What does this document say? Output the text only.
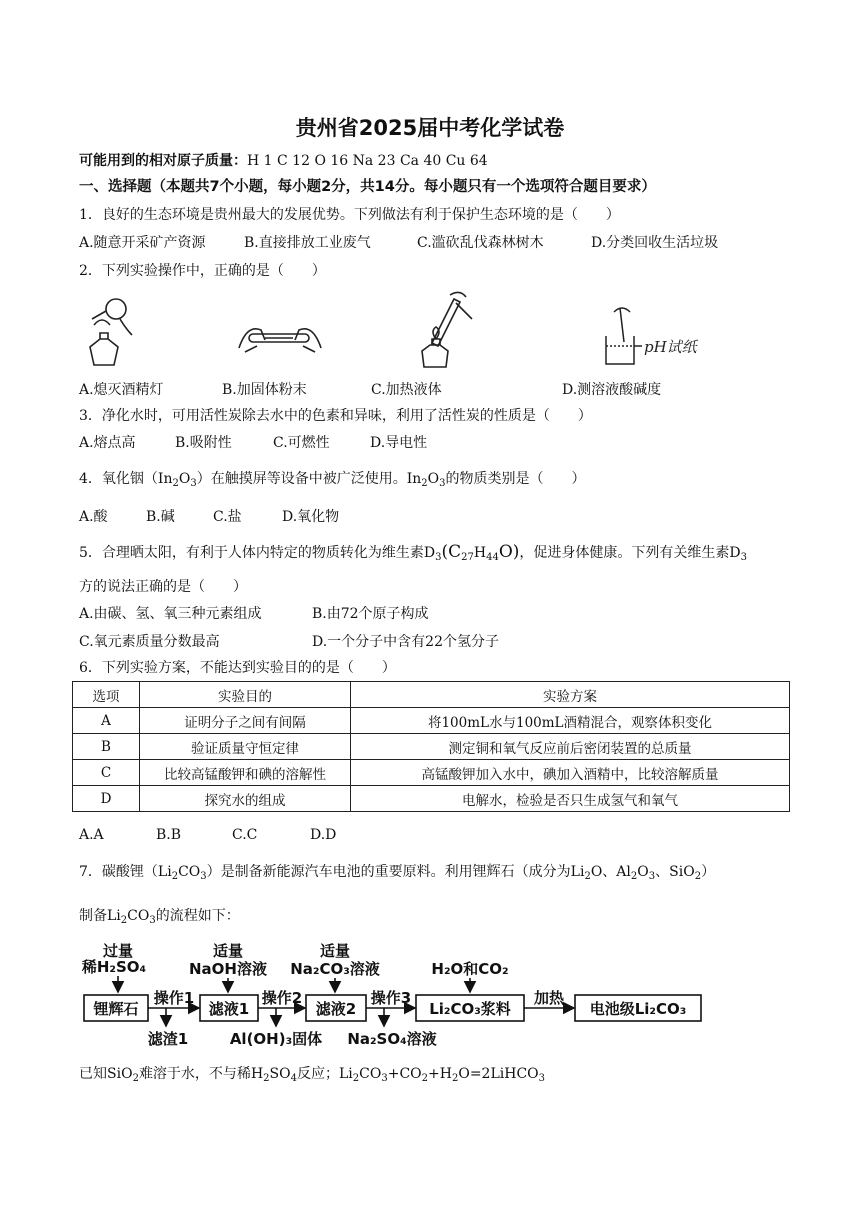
贵州省2025届中考化学试卷
可能用到的相对原子质量：H 1 C 12 O 16 Na 23 Ca 40 Cu 64
一、选择题（本题共7个小题，每小题2分，共14分。每小题只有一个选项符合题目要求）
1．良好的生态环境是贵州最大的发展优势。下列做法有利于保护生态环境的是（　　）
A.随意开采矿产资源	B.直接排放工业废气	C.滥砍乱伐森林树木	D.分类回收生活垃圾
2．下列实验操作中，正确的是（　　）
pH试纸
A.熄灭酒精灯	B.加固体粉末	C.加热液体	D.测溶液酸碱度
3．净化水时，可用活性炭除去水中的色素和异味，利用了活性炭的性质是（　　）
A.熔点高	B.吸附性	C.可燃性	D.导电性
4．氧化铟$(In_2O_3)$在触摸屏等设备中被广泛使用。$In_2O_3$的物质类别是（　　）
A.酸	B.碱	C.盐	D.氧化物
5．合理晒太阳，有利于人体内特定的物质转化为维生素$D_3(C_{27}H_{44}O)$，促进身体健康。下列有关维生素$D_3$
方的说法正确的是（　　）
A.由碳、氢、氧三种元素组成	B.由72个原子构成
C.氧元素质量分数最高	D.一个分子中含有22个氢分子
6．下列实验方案，不能达到实验目的的是（　　）
选项	实验目的	实验方案
A	证明分子之间有间隔	将100mL水与100mL酒精混合，观察体积变化
B	验证质量守恒定律	测定铜和氧气反应前后密闭装置的总质量
C	比较高锰酸钾和碘的溶解性	高锰酸钾加入水中，碘加入酒精中，比较溶解质量
D	探究水的组成	电解水，检验是否只生成氢气和氧气
A.A	B.B	C.C	D.D
7．碳酸锂$(Li_2CO_3)$是制备新能源汽车电池的重要原料。利用锂辉石（成分为$Li_2O$、$Al_2O_3$、SiO$_2$）
制备$Li_2CO_3$的流程如下：
过量
稀H₂SO₄
适量
NaOH溶液
适量
Na₂CO₃溶液	H₂O和CO₂
锂辉石	滤液1	滤液2	Li₂CO₃浆料	电池级Li₂CO₃
操作1	操作2	操作3	加热
滤渣1	Al(OH)₃固体 Na₂SO₄溶液
已知SiO$_2$难溶于水，不与稀$H_2SO_4$反应；$Li_2CO_3+CO_2+H_2O=2LiHCO_3$
